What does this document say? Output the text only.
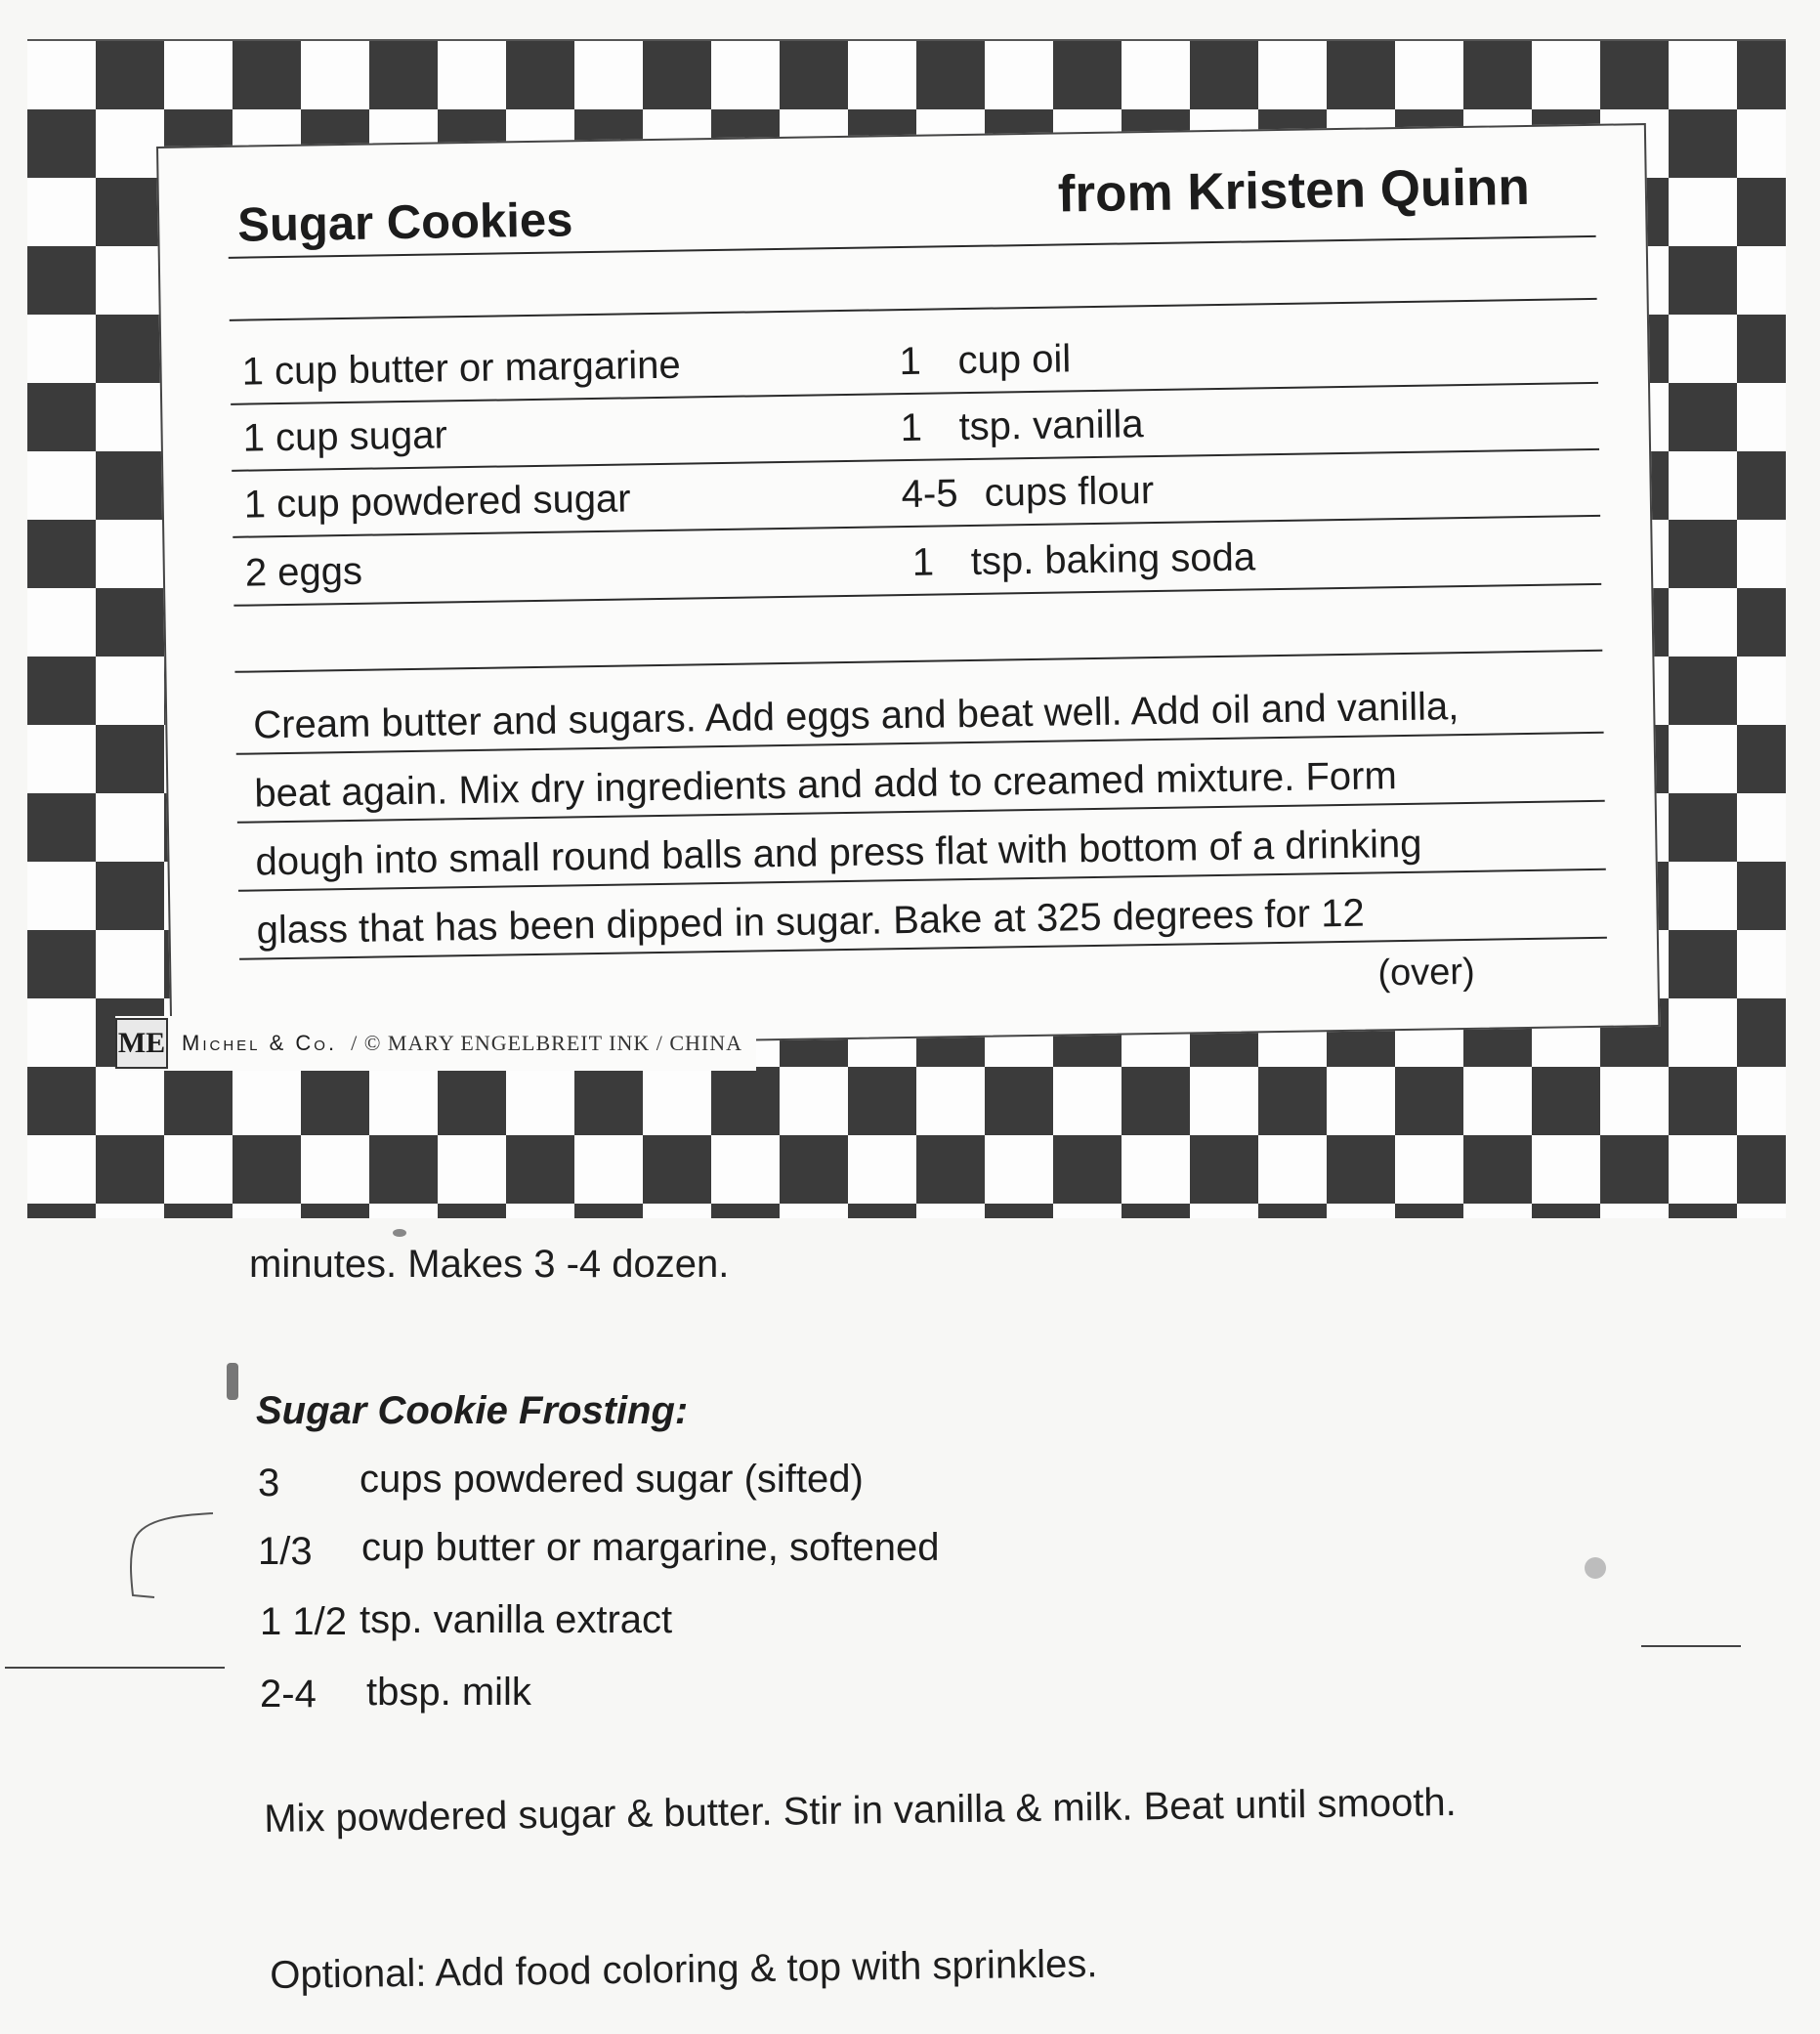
Sugar Cookies	from Kristen Quinn
1 cup butter or margarine
1 cup sugar
1 cup powdered sugar
2 eggs
1 cup oil
1 tsp. vanilla
4-5 cups flour
1 tsp. baking soda
Cream butter and sugars. Add eggs and beat well. Add oil and vanilla,
beat again. Mix dry ingredients and add to creamed mixture. Form
dough into small round balls and press flat with bottom of a drinking
glass that has been dipped in sugar. Bake at 325 degrees for 12
(over)
ME Michel & Co. / © MARY ENGELBREIT INK / CHINA
minutes. Makes 3 -4 dozen.
Sugar Cookie Frosting:
3 cups powdered sugar (sifted)
1/3 cup butter or margarine, softened
1 1/2 tsp. vanilla extract
2-4 tbsp. milk
Mix powdered sugar & butter. Stir in vanilla & milk. Beat until smooth.
Optional: Add food coloring & top with sprinkles.
